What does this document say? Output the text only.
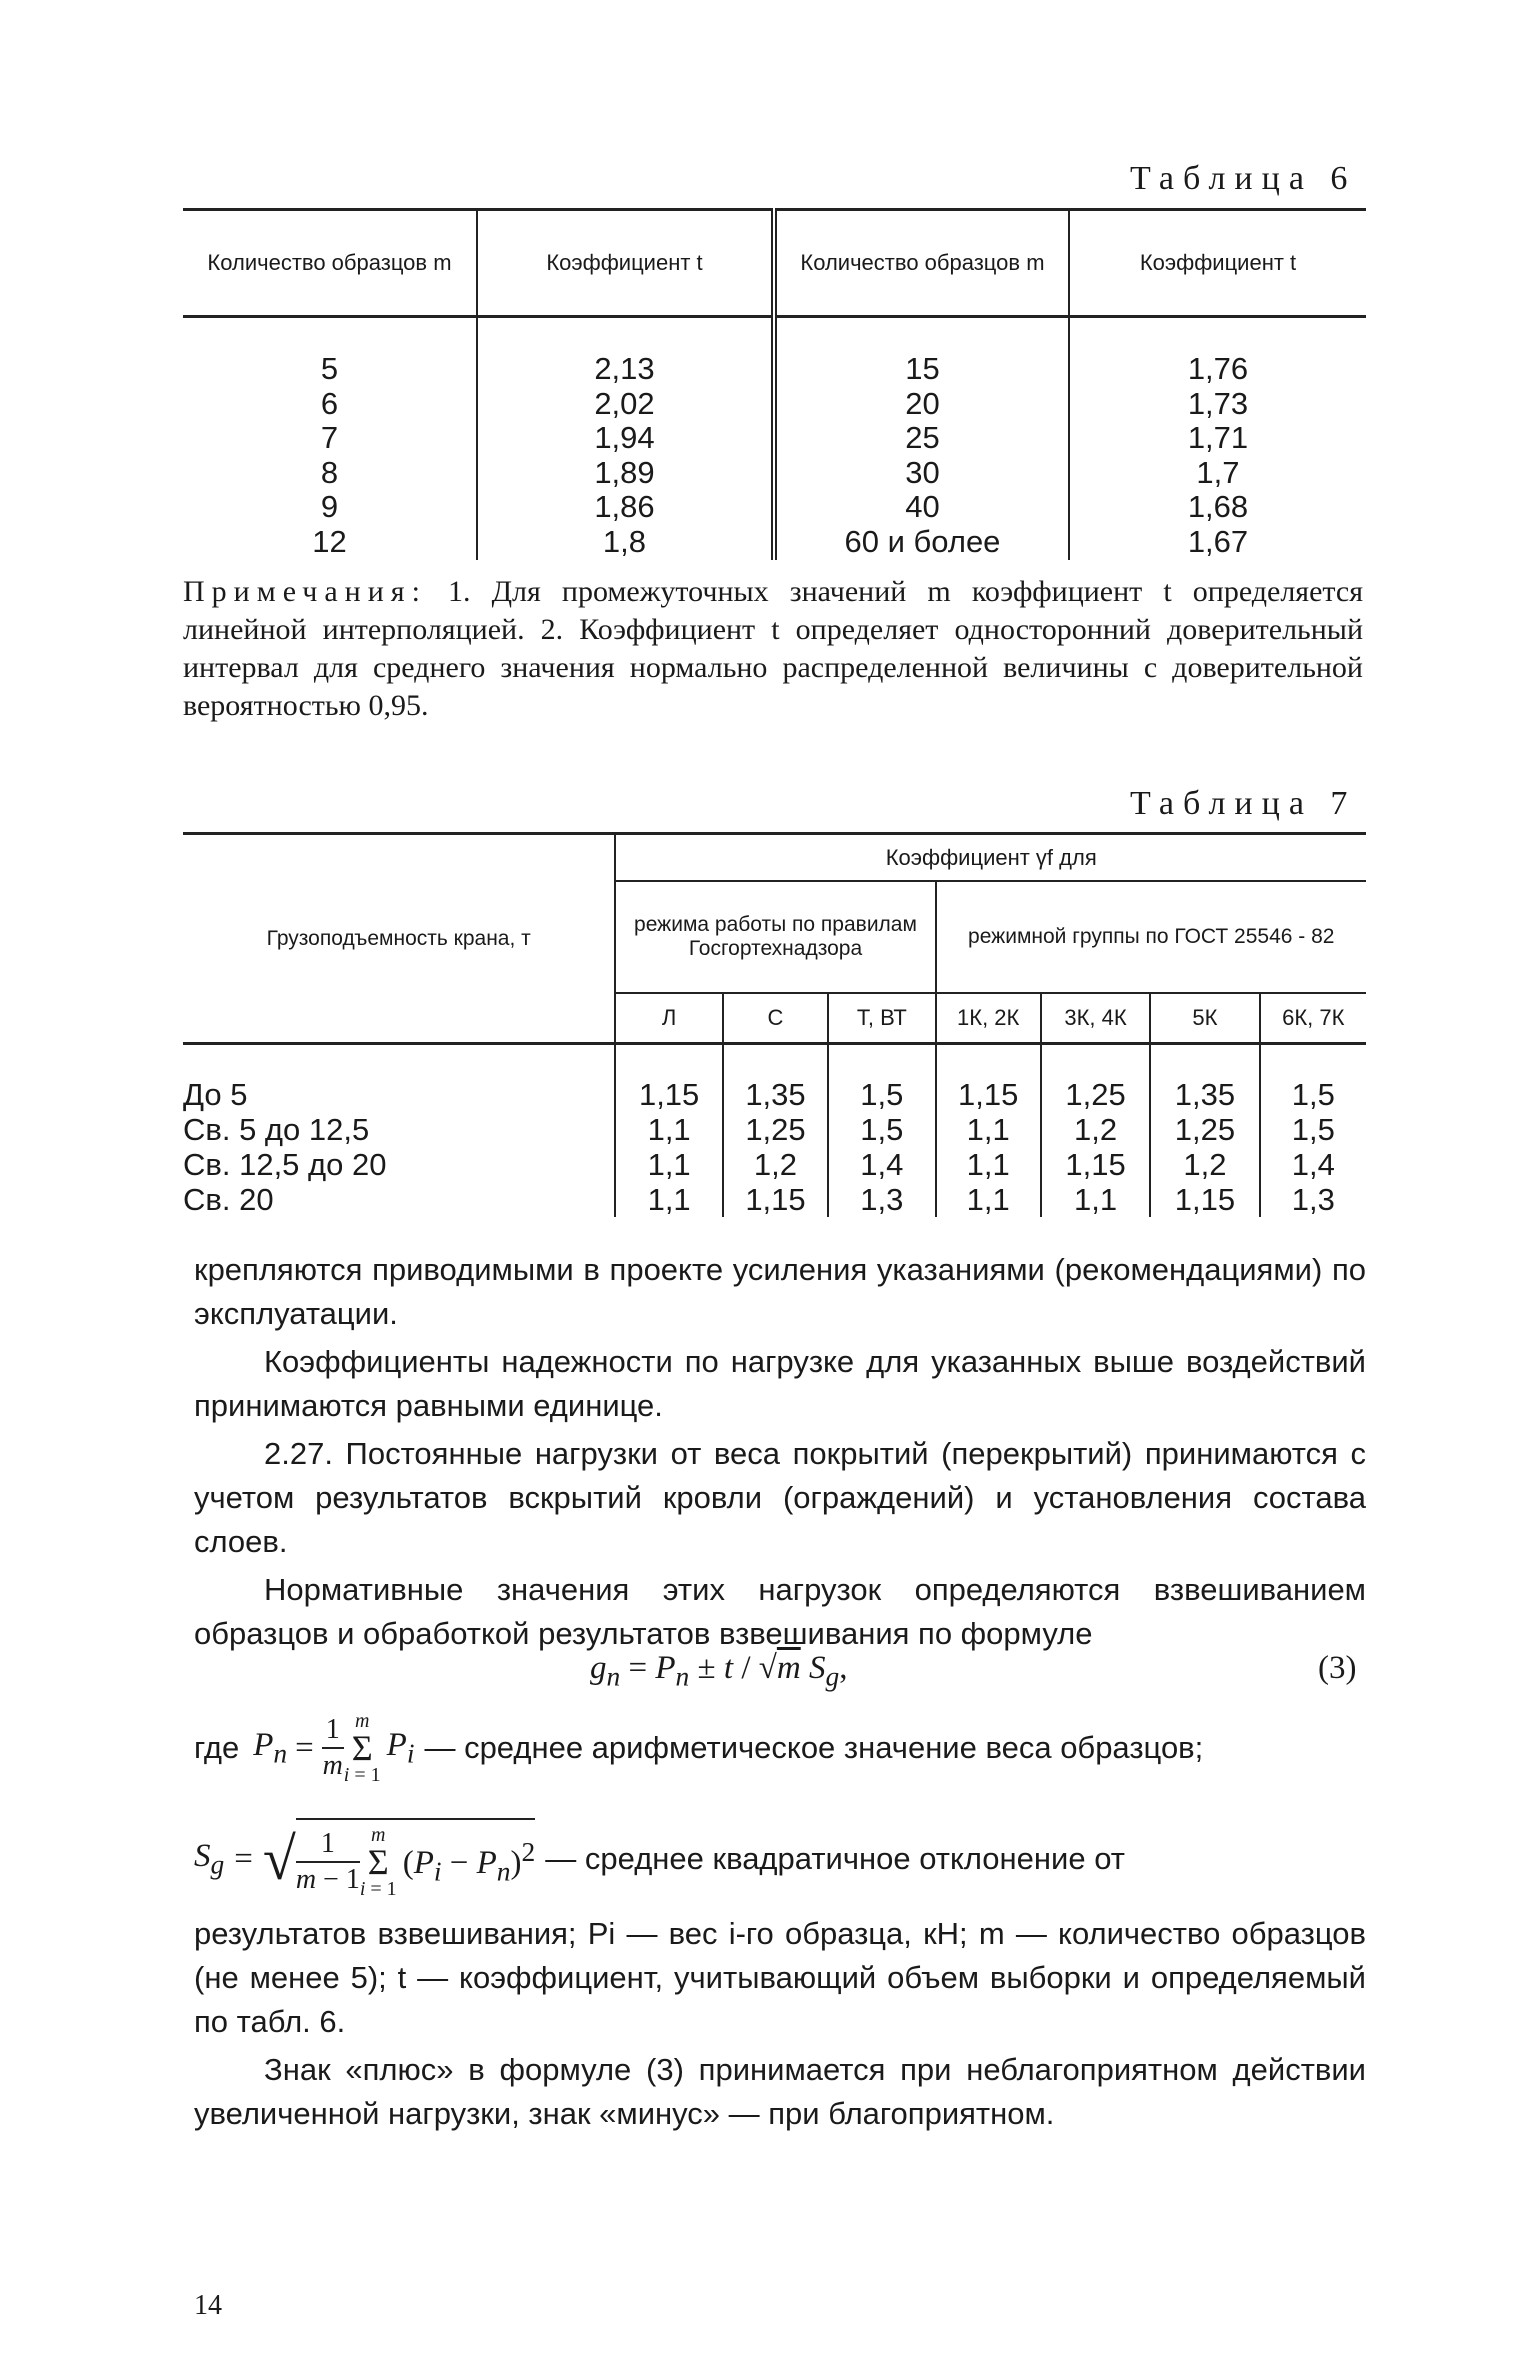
Таблица 6
Количество образцов m	Коэффициент t	Количество образцов m	Коэффициент t
5	2,13	15	1,76
6	2,02	20	1,73
7	1,94	25	1,71
8	1,89	30	1,7
9	1,86	40	1,68
12	1,8	60 и более	1,67
Примечания: 1. Для промежуточных значений m коэффициент t определяется линейной интерполяцией. 2. Коэффициент t определяет односторонний доверительный интервал для среднего значения нормально распределенной величины с доверительной вероятностью 0,95.
Таблица 7
Грузоподъемность крана, т	Коэффициент γf для						
	режима работы по правилам Госгортехнадзора			режимной группы по ГОСТ 25546 - 82			
	Л	С	Т, ВТ	1К, 2К	3К, 4К	5К	6К, 7К
До 5	1,15	1,35	1,5	1,15	1,25	1,35	1,5
Св. 5 до 12,5	1,1	1,25	1,5	1,1	1,2	1,25	1,5
Св. 12,5 до 20	1,1	1,2	1,4	1,1	1,15	1,2	1,4
Св. 20	1,1	1,15	1,3	1,1	1,1	1,15	1,3

крепляются приводимыми в проекте усиления указаниями (рекомендациями) по эксплуатации.

Коэффициенты надежности по нагрузке для указанных выше воздействий принимаются равными единице.

2.27. Постоянные нагрузки от веса покрытий (перекрытий) принимаются с учетом результатов вскрытий кровли (ограждений) и установления состава слоев.

Нормативные значения этих нагрузок определяются взвешиванием образцов и обработкой результатов взвешивания по формуле

$g_n = P_n \pm t / √m$ $S_g$,	(3)
где $P_n = \frac{1}{m}$ m
Σ
i = 1
$P_i$ — среднее арифметическое значение веса образцов;
$S_g$ = √ $\frac{1}{m - 1}$ m
Σ
i = 1
$(P_i - P_n)^2$ — среднее квадратичное отклонение от

результатов взвешивания; Pi — вес i-го образца, кН; m — количество образцов (не менее 5); t — коэффициент, учитывающий объем выборки и определяемый по табл. 6.

Знак «плюс» в формуле (3) принимается при неблагоприятном действии увеличенной нагрузки, знак «минус» — при благоприятном.

14
